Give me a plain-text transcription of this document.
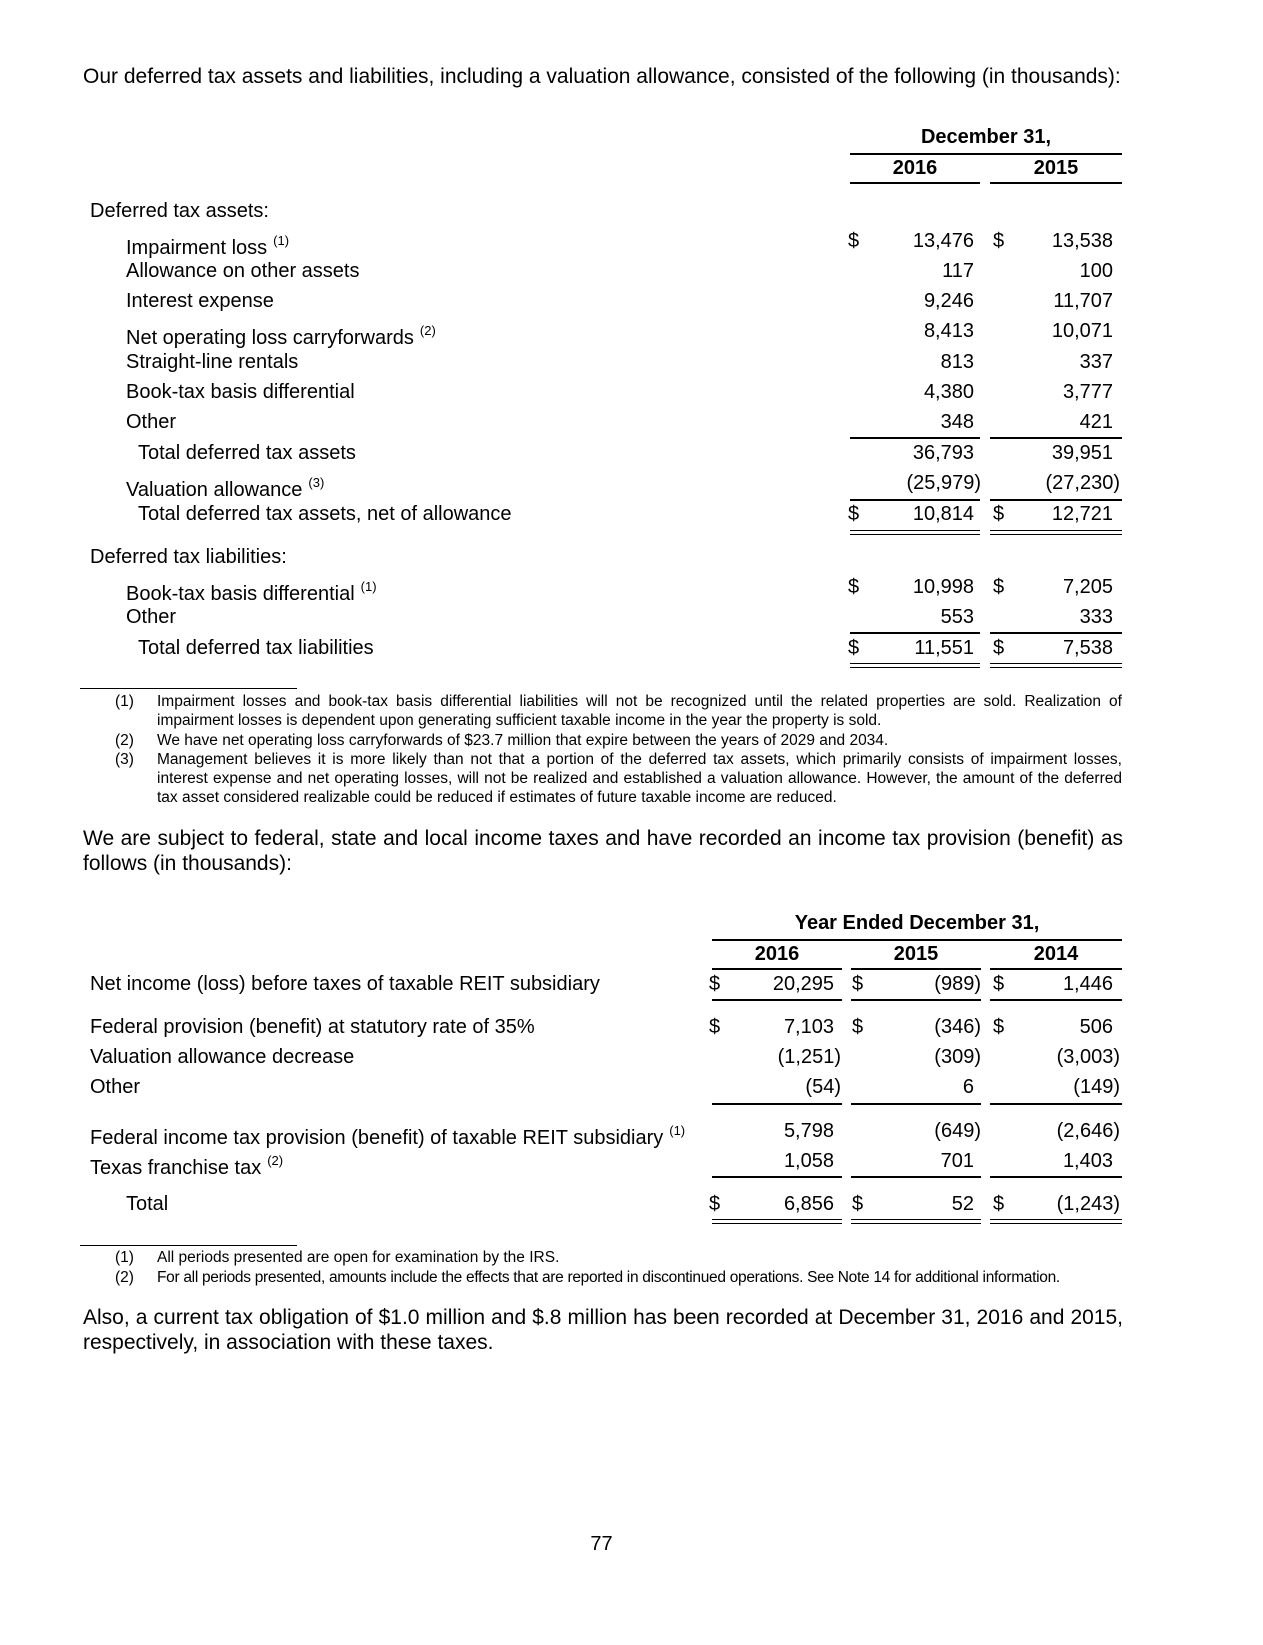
Our deferred tax assets and liabilities, including a valuation allowance, consisted of the following (in thousands):
December 31,
2016	2015
Deferred tax assets:
Impairment loss $^{(1)}$	$	13,476 $ 13,538
Allowance on other assets	117	100
Interest expense	9,246	11,707
Net operating loss carryforwards $^{(2)}$	8,413	10,071
Straight-line rentals	813	337
Book-tax basis differential	4,380	3,777
Other	348	421
Total deferred tax assets	36,793	39,951
Valuation allowance $^{(3)}$	(25,979)	(27,230)
Total deferred tax assets, net of allowance	$	10,814 $ 12,721
Deferred tax liabilities:
Book-tax basis differential $^{(1)}$	$	10,998 $	7,205
Other	553	333
Total deferred tax liabilities	$	11,551 $	7,538
(1) Impairment losses and book-tax basis differential liabilities will not be recognized until the related properties are sold. Realization of impairment losses is dependent upon generating sufficient taxable income in the year the property is sold.
(2) We have net operating loss carryforwards of $23.7 million that expire between the years of 2029 and 2034.
(3) Management believes it is more likely than not that a portion of the deferred tax assets, which primarily consists of impairment losses, interest expense and net operating losses, will not be realized and established a valuation allowance. However, the amount of the deferred tax asset considered realizable could be reduced if estimates of future taxable income are reduced.
We are subject to federal, state and local income taxes and have recorded an income tax provision (benefit) as follows (in thousands):
Year Ended December 31,
2016	2015	2014
Net income (loss) before taxes of taxable REIT subsidiary	$	20,295 $	(989) $	1,446
Federal provision (benefit) at statutory rate of 35%	$	7,103 $	(346) $	506
Valuation allowance decrease	(1,251)	(309)	(3,003)
Other	(54)	6	(149)
Federal income tax provision (benefit) of taxable REIT subsidiary $^{(1)}$	5,798	(649)	(2,646)
Texas franchise tax $^{(2)}$	1,058	701	1,403
Total	$	6,856 $	52 $	(1,243)
(1) All periods presented are open for examination by the IRS.
(2) For all periods presented, amounts include the effects that are reported in discontinued operations. See Note 14 for additional information.
Also, a current tax obligation of $1.0 million and $.8 million has been recorded at December 31, 2016 and 2015, respectively, in association with these taxes.
77
